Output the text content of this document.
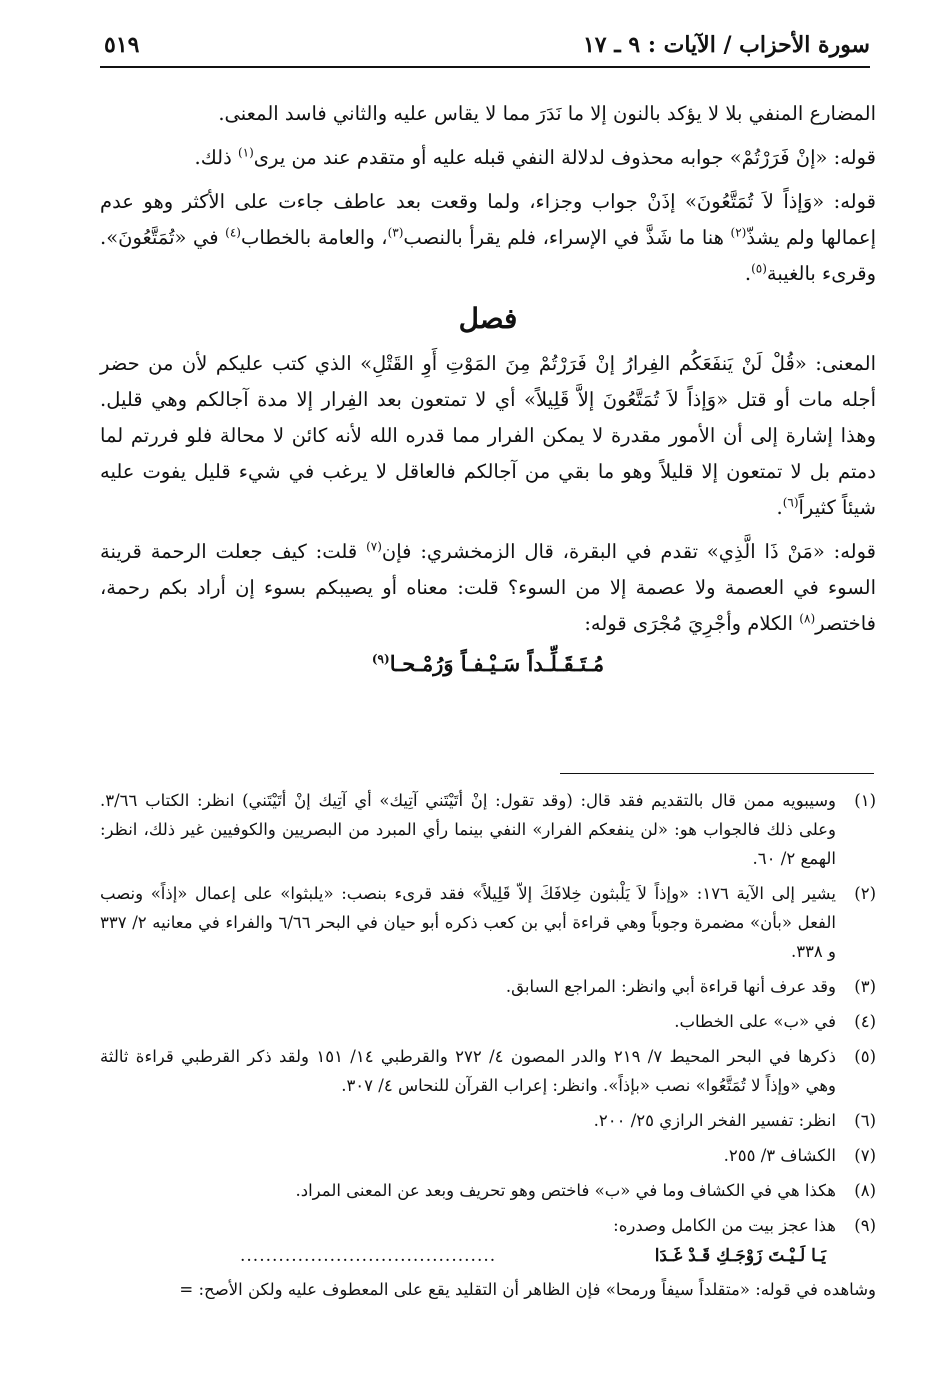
سورة الأحزاب / الآيات : ٩ ـ ١٧
٥١٩

المضارع المنفي بلا لا يؤكد بالنون إلا ما نَدَرَ مما لا يقاس عليه والثاني فاسد المعنى.

قوله: «إنْ فَرَرْتُمْ» جوابه محذوف لدلالة النفي قبله عليه أو متقدم عند من يرى$^{(١)}$ ذلك.

قوله: «وَإذاً لاَ تُمَتَّعُونَ» إذَنْ جواب وجزاء، ولما وقعت بعد عاطف جاءت على الأكثر وهو عدم إعمالها ولم يشذّ$^{(٢)}$ هنا ما شَذَّ في الإسراء، فلم يقرأ بالنصب$^{(٣)}$، والعامة بالخطاب$^{(٤)}$ في «تُمَتَّعُونَ». وقرىء بالغيبة$^{(٥)}$.

فصل

المعنى: «قُلْ لَنْ يَنفَعَكُم الفِرارُ إنْ فَرَرْتُمْ مِنَ المَوْتِ أَوِ القَتْلِ» الذي كتب عليكم لأن من حضر أجله مات أو قتل «وَإذاً لاَ تُمَتَّعُونَ إلاَّ قَلِيلاً» أي لا تمتعون بعد الفِرار إلا مدة آجالكم وهي قليل. وهذا إشارة إلى أن الأمور مقدرة لا يمكن الفرار مما قدره الله لأنه كائن لا محالة فلو فررتم لما دمتم بل لا تمتعون إلا قليلاً وهو ما بقي من آجالكم فالعاقل لا يرغب في شيء قليل يفوت عليه شيئاً كثيراً$^{(٦)}$.

قوله: «مَنْ ذَا الَّذِي» تقدم في البقرة، قال الزمخشري: فإن$^{(٧)}$ قلت: كيف جعلت الرحمة قرينة السوء في العصمة ولا عصمة إلا من السوء؟ قلت: معناه أو يصيبكم بسوء إن أراد بكم رحمة، فاختصر$^{(٨)}$ الكلام وأجْرِيَ مُجْرَى قوله:

مُـتَـقَـلِّـداً سَـيْـفـاً وَرُمْـحـا$^{(٩)}$
(١)
وسيبويه ممن قال بالتقديم فقد قال: (وقد تقول: إنْ أتَيْتَني آتِيك» أي آتِيك إنْ أتَيْتَني) انظر: الكتاب ٣/٦٦. وعلى ذلك فالجواب هو: «لن ينفعكم الفرار» النفي بينما رأي المبرد من البصريين والكوفيين غير ذلك، انظر: الهمع ٢/ ٦٠.
(٢)
يشير إلى الآية ١٧٦: «وإذاً لاَ يَلْبثون خِلافَكَ إلاّ قَلِيلاً» فقد قرىء بنصب: «يلبثوا» على إعمال «إذاً» ونصب الفعل «بأن» مضمرة وجوباً وهي قراءة أبي بن كعب ذكره أبو حيان في البحر ٦/٦٦ والفراء في معانيه ٢/ ٣٣٧ و ٣٣٨.
(٣)
وقد عرف أنها قراءة أبي وانظر: المراجع السابق.
(٤)
في «ب» على الخطاب.
(٥)
ذكرها في البحر المحيط ٧/ ٢١٩ والدر المصون ٤/ ٢٧٢ والقرطبي ١٤/ ١٥١ ولقد ذكر القرطبي قراءة ثالثة وهي «وإذاً لا تُمَتَّعُوا» نصب «بإذاً». وانظر: إعراب القرآن للنحاس ٤/ ٣٠٧.
(٦)
انظر: تفسير الفخر الرازي ٢٥/ ٢٠٠.
(٧)
الكشاف ٣/ ٢٥٥.
(٨)
هكذا هي في الكشاف وما في «ب» فاختص وهو تحريف وبعد عن المعنى المراد.
(٩)
هذا عجز بيت من الكامل وصدره:
يَـا لَـيْـتَ زَوْجَـكِ قَـدْ غَـدَا
........................................
وشاهده في قوله: «متقلداً سيفاً ورمحا» فإن الظاهر أن التقليد يقع على المعطوف عليه ولكن الأصح: =
